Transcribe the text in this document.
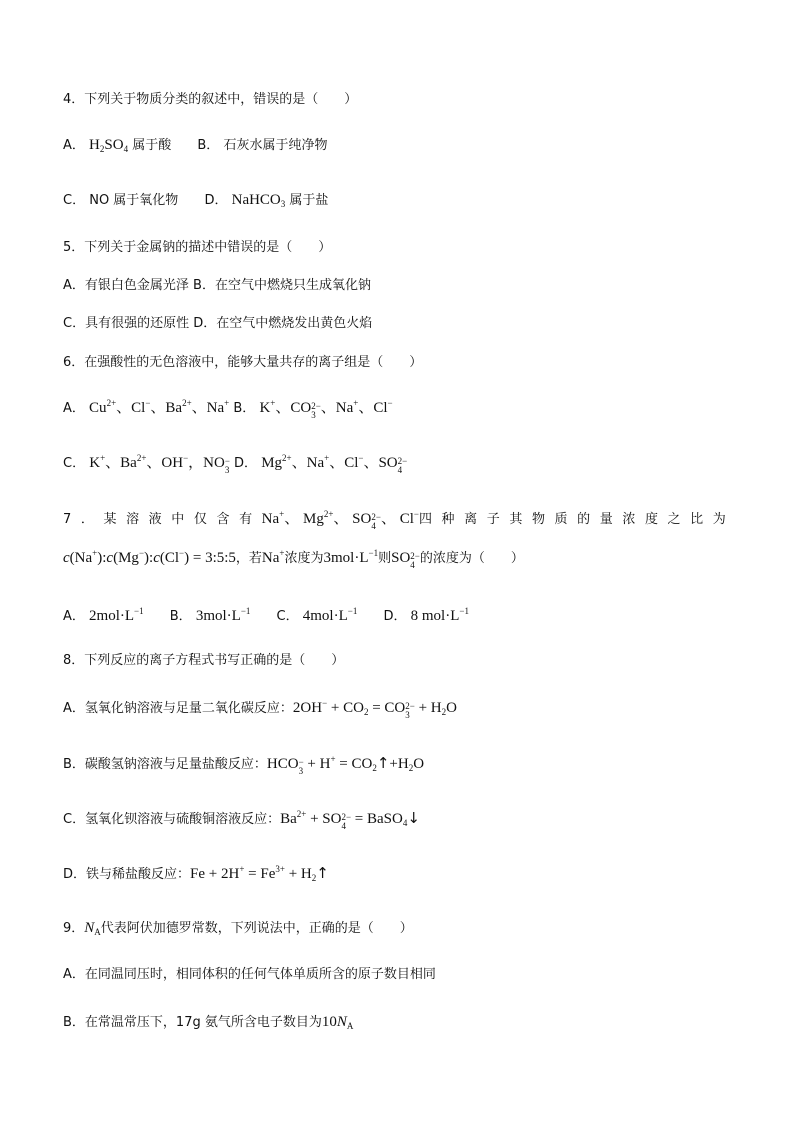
4．下列关于物质分类的叙述中，错误的是（　　）
A． $H_2SO_4$ 属于酸 B． 石灰水属于纯净物
C． NO 属于氧化物 D． NaHCO$_3$ 属于盐
5．下列关于金属钠的描述中错误的是（　　）
A．有银白色金属光泽 B．在空气中燃烧只生成氧化钠
C．具有很强的还原性 D．在空气中燃烧发出黄色火焰
6．在强酸性的无色溶液中，能够大量共存的离子组是（　　）
A． $Cu^{2+}$、Cl−、$Ba^{2+}$、Na+ B． K+、CO 2−
3 、Na+、Cl−
C． K+、$Ba^{2+}$、OH−，NO −
3 D． $Mg^{2+}$、Na+、Cl−、SO 2−
4
7．某溶液中仅含有Na+、 $Mg^{2+}$、 SO 2−
4 、 Cl−四种离子其物质的量浓度之比为
c(Na+):c(Mg−):c(Cl−) = 3:5:5，若Na+浓度为$3mol\cdot L^{-1}$则SO 2−
4 的浓度为（　　）
A． $2mol\cdot L^{-1}$ B． $3mol\cdot L^{-1}$ C． $4mol\cdot L^{-1}$ D． 8 $mol\cdot L^{-1}$
8．下列反应的离子方程式书写正确的是（　　）
A．氢氧化钠溶液与足量二氧化碳反应：$2OH^- + CO_2$ = CO 2−
$3 + H_2O$
B．碳酸氢钠溶液与足量盐酸反应：HCO −
$3 + H^+ = CO_2↑+H_2O$
C．氢氧化钡溶液与硫酸铜溶液反应：$Ba^{2+}$ + SO 2−
4 = BaSO$_4$↓
D．铁与稀盐酸反应：$Fe + 2H^+ = Fe^{3+}$ + $H_2↑$
9．$N_A$代表阿伏加德罗常数，下列说法中，正确的是（　　）
A．在同温同压时，相同体积的任何气体单质所含的原子数目相同
B．在常温常压下，17g 氨气所含电子数目为$10N_A$
